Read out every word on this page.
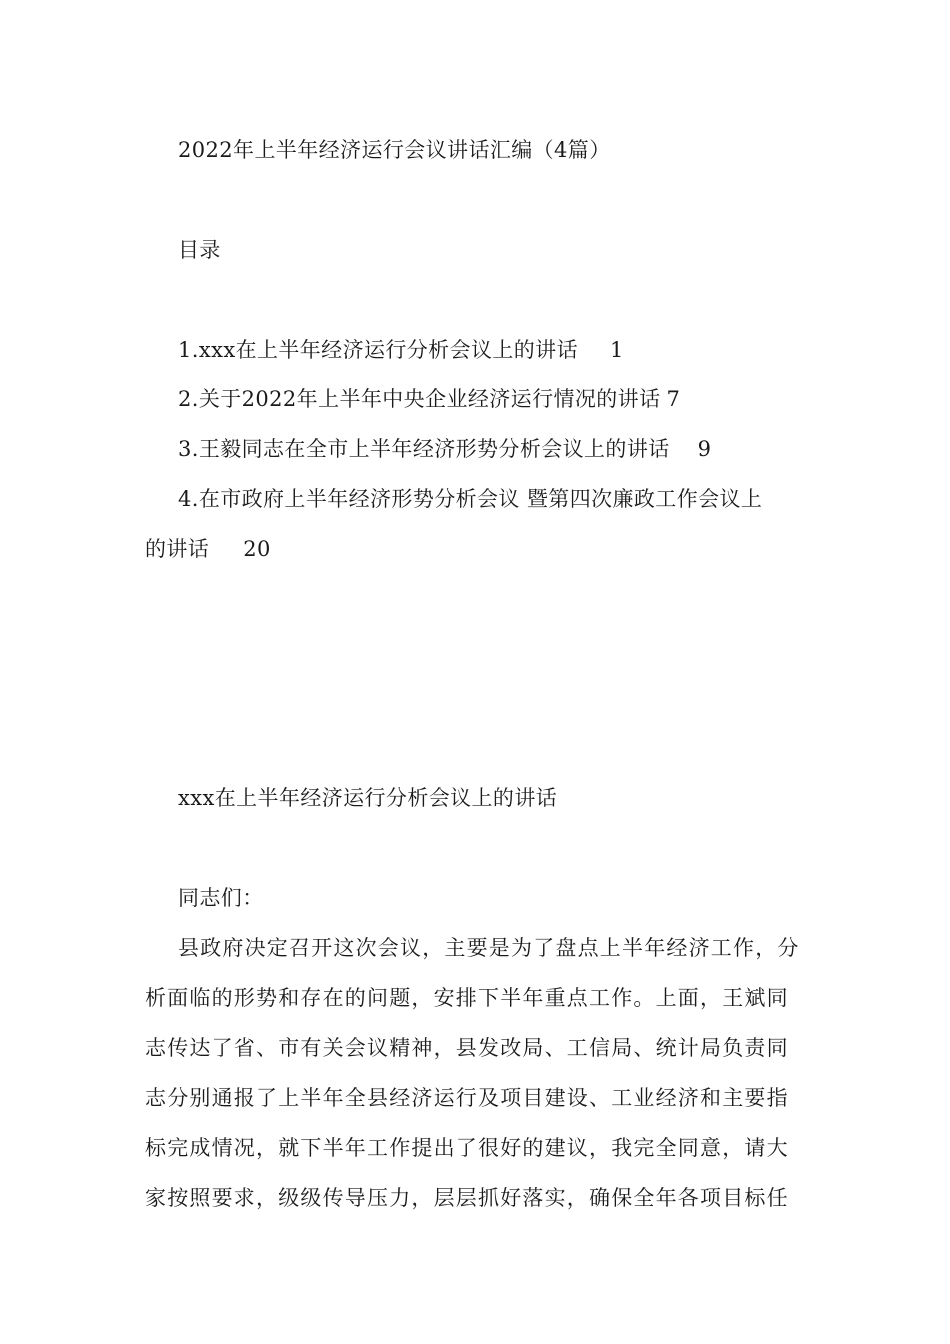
2022年上半年经济运行会议讲话汇编（4篇）
目录
1.xxx在上半年经济运行分析会议上的讲话 1
2.关于2022年上半年中央企业经济运行情况的讲话 7
3.王毅同志在全市上半年经济形势分析会议上的讲话 9
4.在市政府上半年经济形势分析会议 暨第四次廉政工作会议上
的讲话 20
xxx在上半年经济运行分析会议上的讲话
同志们：
县政府决定召开这次会议，主要是为了盘点上半年经济工作，分
析面临的形势和存在的问题，安排下半年重点工作。上面，王斌同
志传达了省、市有关会议精神，县发改局、工信局、统计局负责同
志分别通报了上半年全县经济运行及项目建设、工业经济和主要指
标完成情况，就下半年工作提出了很好的建议，我完全同意，请大
家按照要求，级级传导压力，层层抓好落实，确保全年各项目标任
